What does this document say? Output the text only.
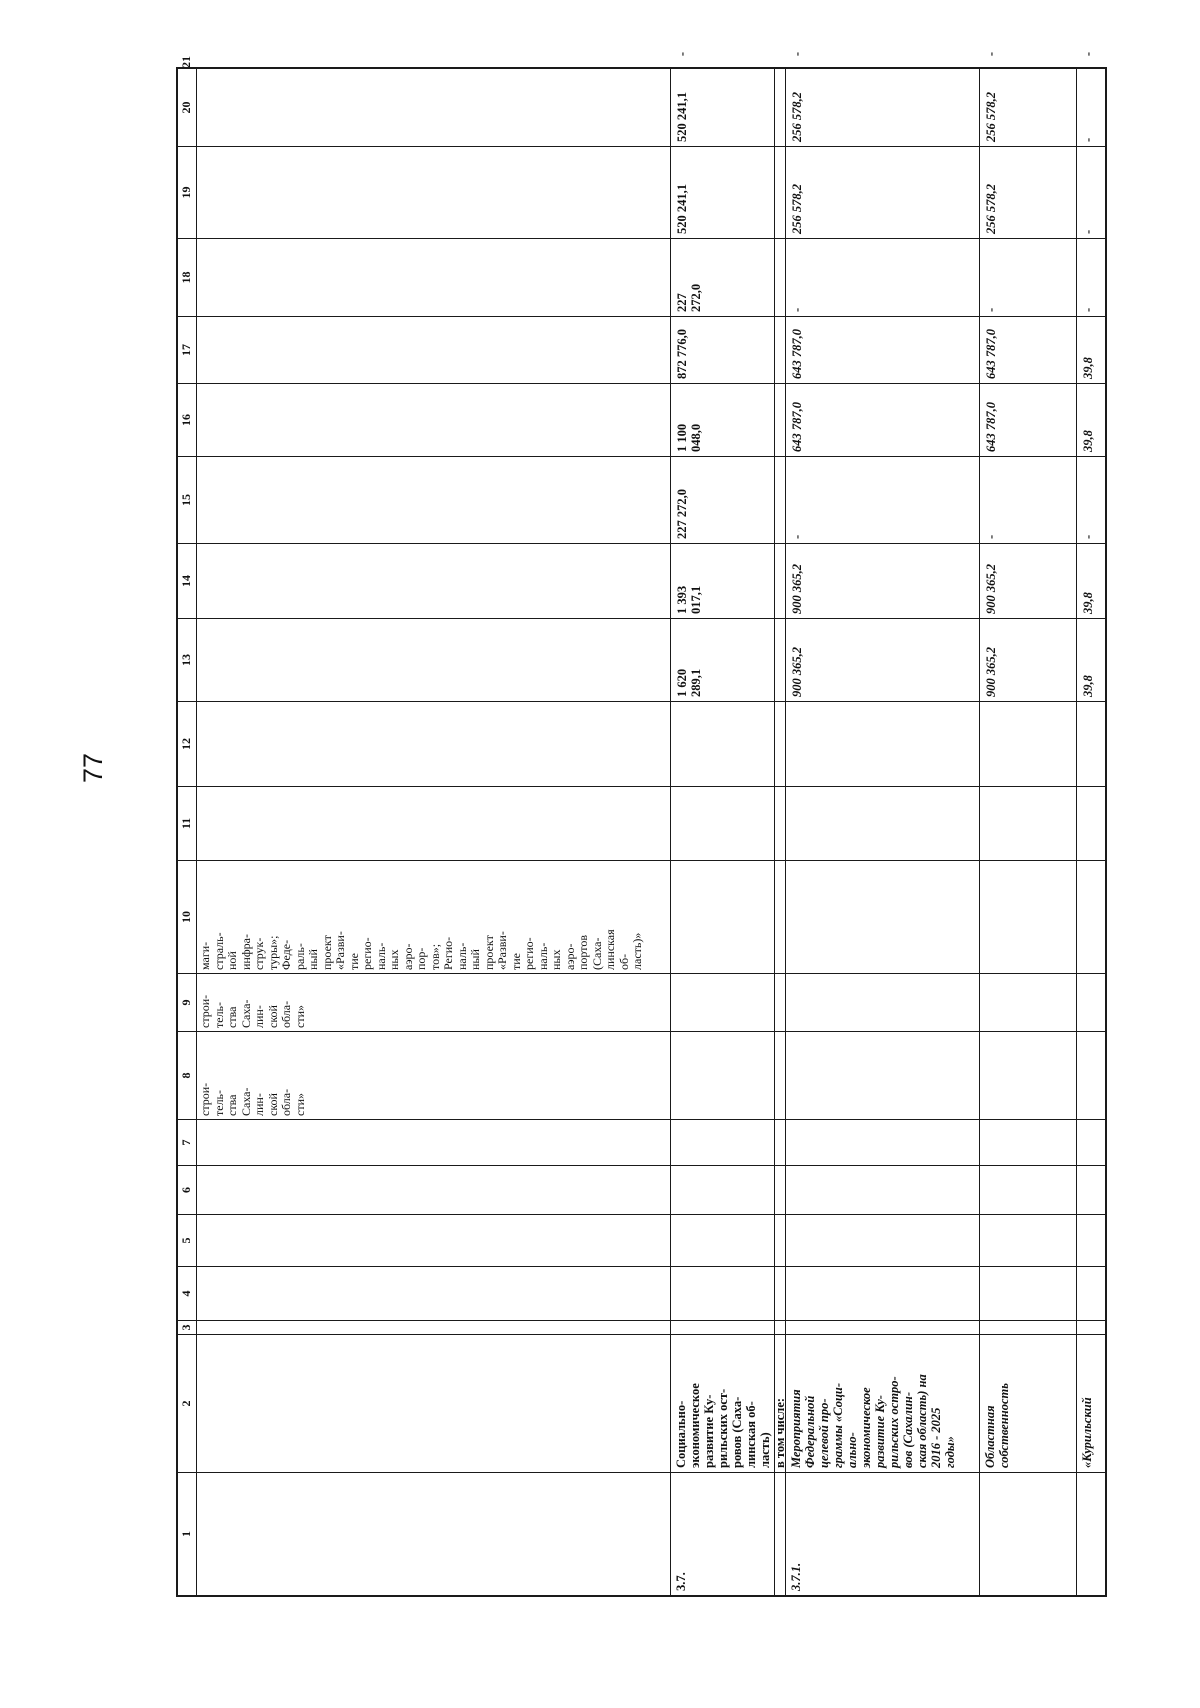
77
1
2
3
4
5
6
7
8
9
10
11
12
13
14
15
16
17
18
19
20
21
строи-
тель-
ства
Саха-
лин-
ской
обла-
сти»
строи-
тель-
ства
Саха-
лин-
ской
обла-
сти»
маги-
страль-
ной
инфра-
струк-
туры»;
Феде-
раль-
ный
проект
«Разви-
тие
регио-
наль-
ных
аэро-
пор-
тов»;
Регио-
наль-
ный
проект
«Разви-
тие
регио-
наль-
ных
аэро-
портов
(Саха-
линская
об-
ласть)»
3.7.
Социально-
экономическое
развитие Ку-
рильских ост-
ровов (Саха-
линская об-
ласть)
1 620
289,1
1 393
017,1
227 272,0
1 100
048,0
872 776,0
227
272,0
520 241,1
520 241,1
-
в том числе:
3.7.1.
Мероприятия
Федеральной
целевой про-
граммы «Соци-
ально-
экономическое
развитие Ку-
рильских остро-
вов (Сахалин-
ская область) на
2016 - 2025
годы»
900 365,2
900 365,2
-
643 787,0
643 787,0
-
256 578,2
256 578,2
-
Областная
собственность
900 365,2
900 365,2
-
643 787,0
643 787,0
-
256 578,2
256 578,2
-
«Курильский
39,8
39,8
-
39,8
39,8
-
-
-
-
